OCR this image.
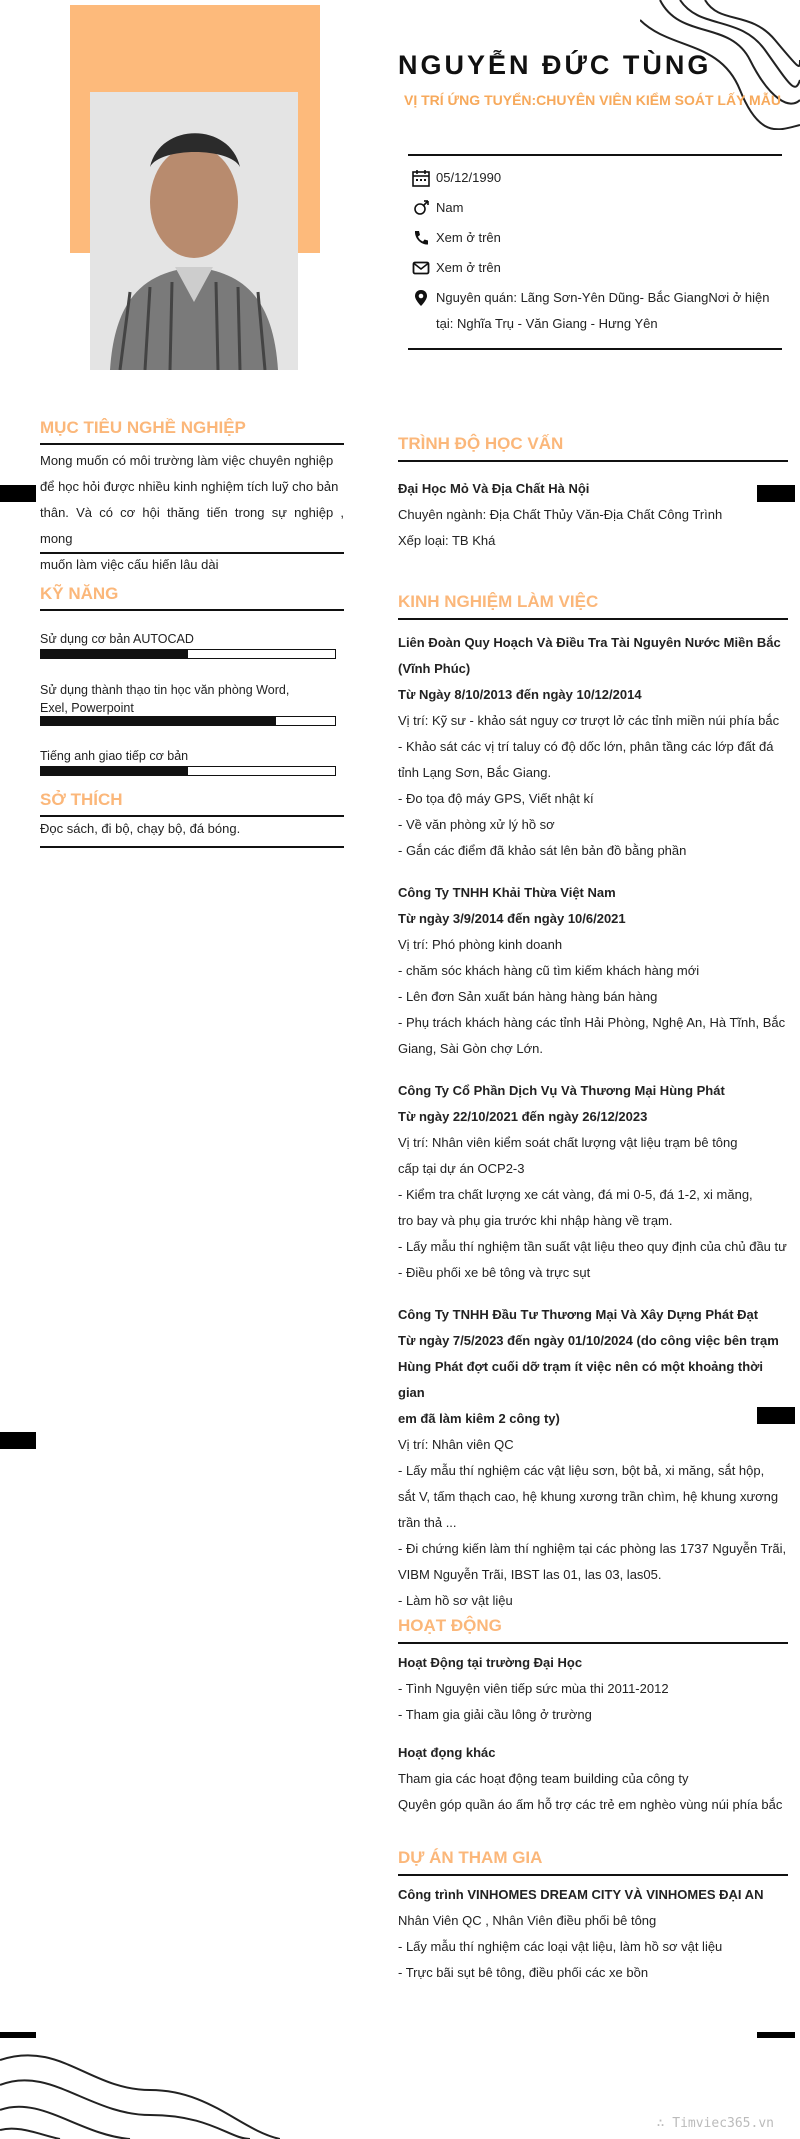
NGUYỄN ĐỨC TÙNG
VỊ TRÍ ỨNG TUYỂN:CHUYÊN VIÊN KIỂM SOÁT LẤY MẪU
05/12/1990
Nam
Xem ở trên
Xem ở trên
Nguyên quán: Lãng Sơn-Yên Dũng- Bắc GiangNơi ở hiện
tại: Nghĩa Trụ - Văn Giang - Hưng Yên
MỤC TIÊU NGHỀ NGHIỆP
Mong muốn có môi trường làm việc chuyên nghiệp
để học hỏi được nhiều kinh nghiệm tích luỹ cho bản
thân. Và có cơ hội thăng tiến trong sự nghiệp , mong
muốn làm việc cấu hiến lâu dài
KỸ NĂNG
Sử dụng cơ bản AUTOCAD
Sử dụng thành thạo tin học văn phòng Word,
Exel, Powerpoint
Tiếng anh giao tiếp cơ bản
SỞ THÍCH
Đọc sách, đi bộ, chạy bộ, đá bóng.
TRÌNH ĐỘ HỌC VẤN
Đại Học Mỏ Và Địa Chất Hà Nội
Chuyên ngành: Địa Chất Thủy Văn-Địa Chất Công Trình
Xếp loại: TB Khá
KINH NGHIỆM LÀM VIỆC
Liên Đoàn Quy Hoạch Và Điều Tra Tài Nguyên Nước Miền Bắc
(Vĩnh Phúc)
Từ Ngày 8/10/2013 đến ngày 10/12/2014
Vị trí: Kỹ sư - khảo sát nguy cơ trượt lở các tỉnh miền núi phía bắc
- Khảo sát các vị trí taluy có độ dốc lớn, phân tầng các lớp đất đá
tỉnh Lạng Sơn, Bắc Giang.
- Đo tọa độ máy GPS, Viết nhật kí
- Về văn phòng xử lý hồ sơ
- Gắn các điểm đã khảo sát lên bản đồ bằng phần
Công Ty TNHH Khải Thừa Việt Nam
Từ ngày 3/9/2014 đến ngày 10/6/2021
Vị trí: Phó phòng kinh doanh
- chăm sóc khách hàng cũ tìm kiếm khách hàng mới
- Lên đơn Sản xuất bán hàng hàng bán hàng
- Phụ trách khách hàng các tỉnh Hải Phòng, Nghệ An, Hà Tĩnh, Bắc
Giang, Sài Gòn chợ Lớn.
Công Ty Cổ Phần Dịch Vụ Và Thương Mại Hùng Phát
Từ ngày 22/10/2021 đến ngày 26/12/2023
Vị trí: Nhân viên kiểm soát chất lượng vật liệu trạm bê tông
cấp tại dự án OCP2-3
- Kiểm tra chất lượng xe cát vàng, đá mi 0-5, đá 1-2, xi măng,
tro bay và phụ gia trước khi nhập hàng về trạm.
- Lấy mẫu thí nghiệm tần suất vật liệu theo quy định của chủ đầu tư
- Điều phối xe bê tông và trực sụt
Công Ty TNHH Đầu Tư Thương Mại Và Xây Dựng Phát Đạt
Từ ngày 7/5/2023 đến ngày 01/10/2024 (do công việc bên trạm
Hùng Phát đợt cuối dỡ trạm ít việc nên có một khoảng thời gian
em đã làm kiêm 2 công ty)
Vị trí: Nhân viên QC
- Lấy mẫu thí nghiệm các vật liệu sơn, bột bả, xi măng, sắt hộp,
sắt V, tấm thạch cao, hệ khung xương trần chìm, hệ khung xương
trần thả ...
- Đi chứng kiến làm thí nghiệm tại các phòng las 1737 Nguyễn Trãi,
VIBM Nguyễn Trãi, IBST las 01, las 03, las05.
- Làm hồ sơ vật liệu
HOẠT ĐỘNG
Hoạt Động tại trường Đại Học
- Tình Nguyện viên tiếp sức mùa thi 2011-2012
- Tham gia giải cầu lông ở trường
Hoạt đọng khác
Tham gia các hoạt động team building của công ty
Quyên góp quần áo ấm hỗ trợ các trẻ em nghèo vùng núi phía bắc
DỰ ÁN THAM GIA
Công trình VINHOMES DREAM CITY VÀ VINHOMES ĐẠI AN
Nhân Viên QC , Nhân Viên điều phối bê tông
- Lấy mẫu thí nghiệm các loại vật liệu, làm hồ sơ vật liệu
- Trực bãi sụt bê tông, điều phối các xe bồn
∴ Timviec365.vn
